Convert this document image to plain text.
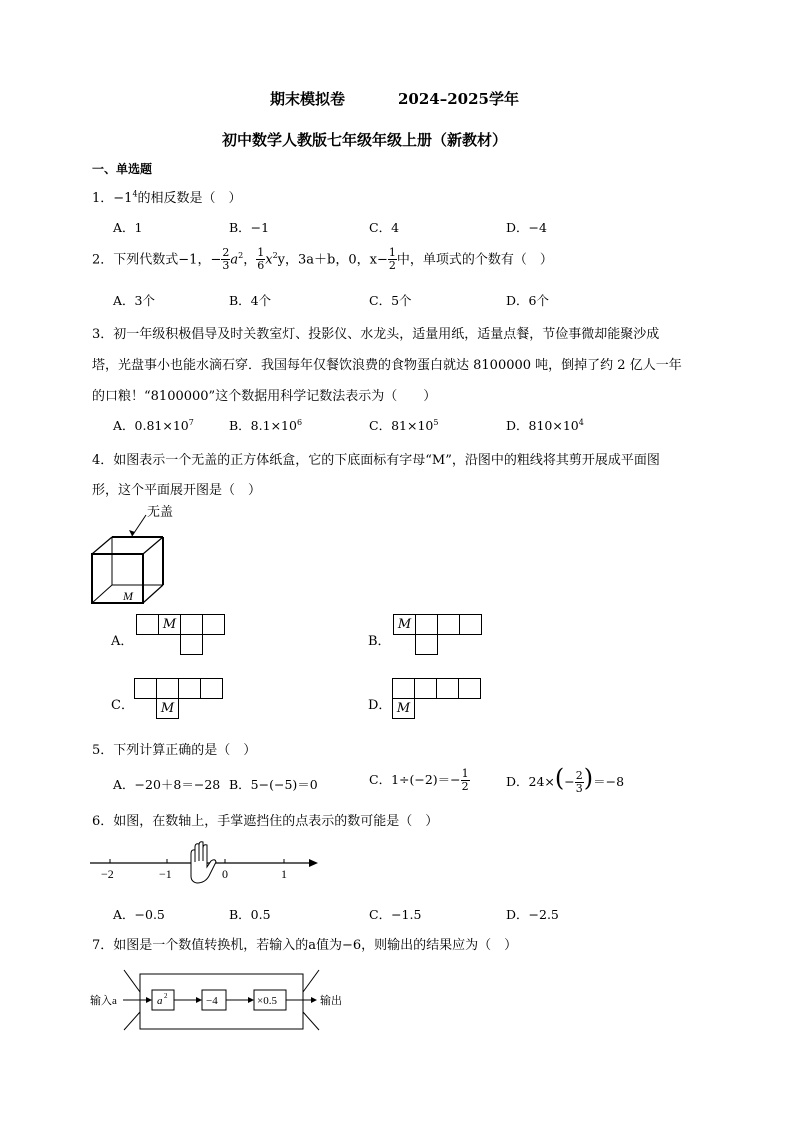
期末模拟卷	2024–2025学年
初中数学人教版七年级年级上册（新教材）
一、单选题
1．$-1^4$的相反数是（　）
A．1	B．−1	C．4	D．−4
2．下列代数式−1，− $\frac{2}{3} a^2$， $\frac{1}{6} x^2y$，3a＋b，0，$x- \frac{1}{2}$ 中，单项式的个数有（　）
A．3个	B．4个	C．5个	D．6个
3．初一年级积极倡导及时关教室灯、投影仪、水龙头，适量用纸，适量点餐，节俭事微却能聚沙成
塔，光盘事小也能水滴石穿．我国每年仅餐饮浪费的食物蛋白就达 8100000 吨，倒掉了约 2 亿人一年
的口粮！“8100000”这个数据用科学记数法表示为（　　）
A．$0.81\times 10^7$	B．$8.1\times 10^6$	C．$81\times 10^5$	D．$810\times 10^4$
4．如图表示一个无盖的正方体纸盒，它的下底面标有字母“M”，沿图中的粗线将其剪开展成平面图
形，这个平面展开图是（　）
无盖
M
A．
	M		

B．
M			

C．

	M			D．
			M			
5．下列计算正确的是（　）
A．−20＋8＝−28 B．5−(−5)＝0	C．$1\div(-2)=- \frac{1}{2}$	D．$24\times(- \frac{2}{3} )=-8$
6．如图，在数轴上，手掌遮挡住的点表示的数可能是（　）
−2	−1	0	1
A．−0.5	B．0.5	C．−1.5	D．−2.5
7．如图是一个数值转换机，若输入的a值为−6，则输出的结果应为（　）
输入a	a 2	−4	×0.5	输出
